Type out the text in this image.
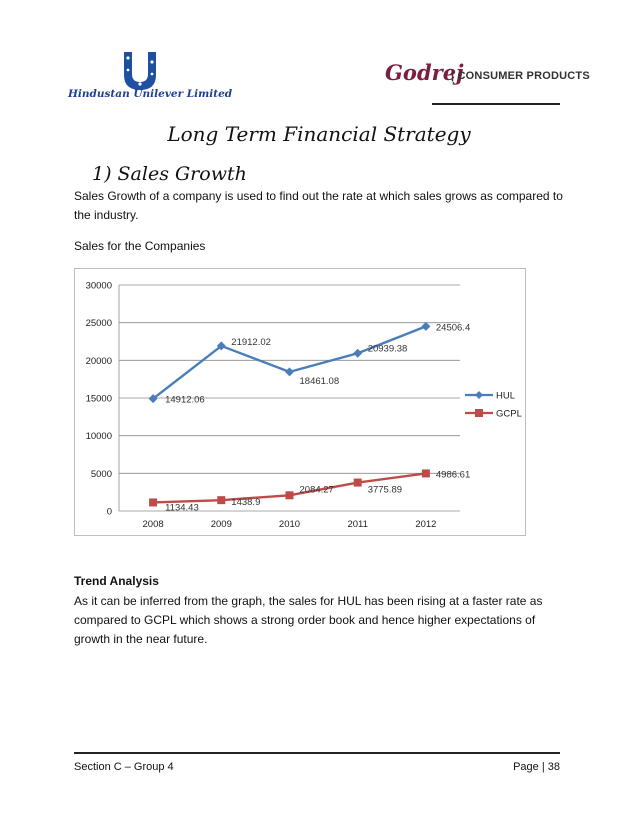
Hindustan Unilever Limited
Godrej
| CONSUMER PRODUCTS
Long Term Financial Strategy
1) Sales Growth
Sales Growth of a company is used to find out the rate at which sales grows as compared to the industry.
Sales for the Companies
0
5000
10000
15000
20000
25000
30000
2008	2009	2010	2011	2012
14912.06
21912.02
18461.08
20939.38
24506.4
1134.43	1438.9
2084.27	3775.89
4986.61
HUL
GCPL
Trend Analysis
As it can be inferred from the graph, the sales for HUL has been rising at a faster rate as compared to GCPL which shows a strong order book and hence higher expectations of growth in the near future.
Section C – Group 4	Page | 38
